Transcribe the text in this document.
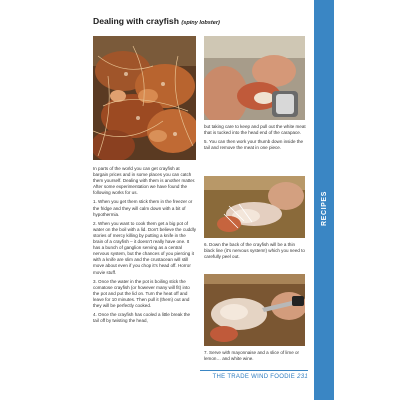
Dealing with crayfish (spiny lobster)
RECIPES

but taking care to keep and pull out the white meat that is tucked into the head end of the carapace.

5. You can then work your thumb down inside the tail and remove the meat in one piece.

6. Down the back of the crayfish will be a thin black line (it's nervous system!) which you need to carefully peel out.

7. Serve with mayonnaise and a slice of lime or lemon… and white wine.

In parts of the world you can get crayfish at bargain prices and in some places you can catch them yourself. Dealing with them is another matter. After some experimentation we have found the following works for us.

1. When you get them stick them in the freezer or the fridge and they will calm down with a bit of hypothermia.

2. When you want to cook them get a big pot of water on the boil with a lid. Don't believe the cuddly stories of mercy killing by putting a knife in the brain of a crayfish – it doesn't really have one. It has a bunch of ganglion serving as a central nervous system, but the chances of you piercing it with a knife are slim and the crustacean will still move about even if you chop it's head off. Horror movie stuff.

3. Once the water in the pot is boiling stick the comatose crayfish (or however many will fit) into the pot and put the lid on. Turn the heat off and leave for 10 minutes. Then pull it (them) out and they will be perfectly cooked.

4. Once the crayfish has cooled a little break the tail off by twisting the head,

THE TRADE WIND FOODIE 231
